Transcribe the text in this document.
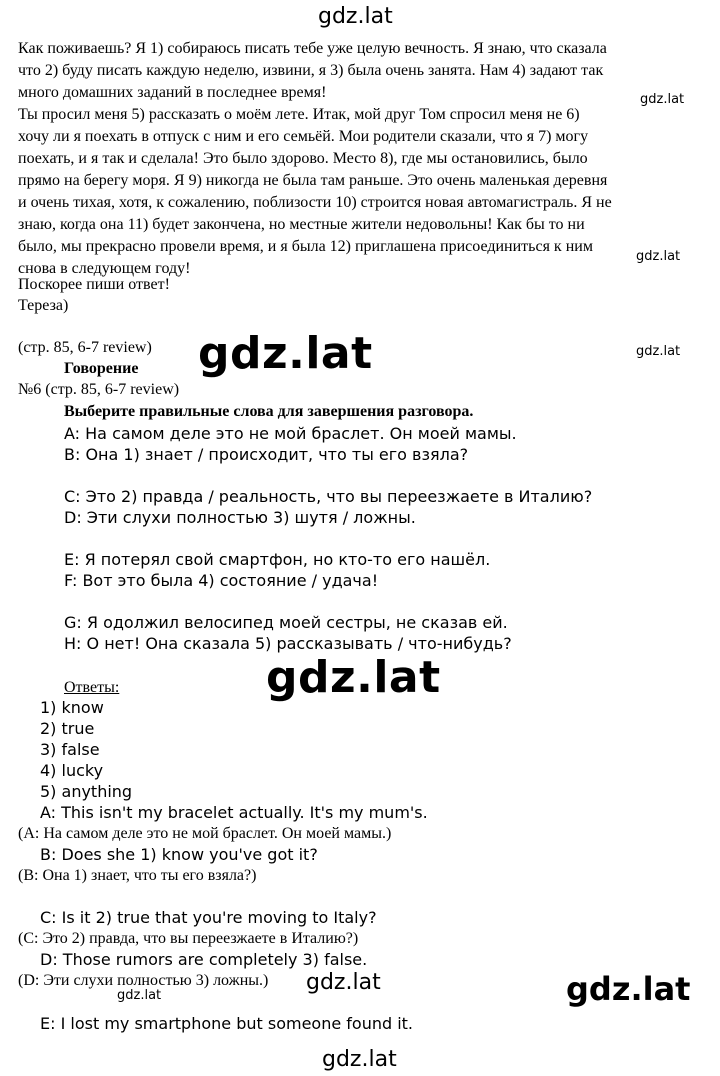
gdz.lat
Как поживаешь? Я 1) собираюсь писать тебе уже целую вечность. Я знаю, что сказала
что 2) буду писать каждую неделю, извини, я 3) была очень занята. Нам 4) задают так
много домашних заданий в последнее время!
Ты просил меня 5) рассказать о моём лете. Итак, мой друг Том спросил меня не 6)
хочу ли я поехать в отпуск с ним и его семьёй. Мои родители сказали, что я 7) могу
поехать, и я так и сделала! Это было здорово. Место 8), где мы остановились, было
прямо на берегу моря. Я 9) никогда не была там раньше. Это очень маленькая деревня
и очень тихая, хотя, к сожалению, поблизости 10) строится новая автомагистраль. Я не
знаю, когда она 11) будет закончена, но местные жители недовольны! Как бы то ни
было, мы прекрасно провели время, и я была 12) приглашена присоединиться к ним
снова в следующем году!
Поскорее пиши ответ!
Тереза)
gdz.lat
gdz.lat
gdz.lat
gdz.lat
(стр. 85, 6-7 review) gdz.lat
Говорение
№6 (стр. 85, 6-7 review)
Выберите правильные слова для завершения разговора.
A: На самом деле это не мой браслет. Он моей мамы.
B: Она 1) знает / происходит, что ты его взяла?
C: Это 2) правда / реальность, что вы переезжаете в Италию?
D: Эти слухи полностью 3) шутя / ложны.
E: Я потерял свой смартфон, но кто-то его нашёл.
F: Вот это была 4) состояние / удача!
G: Я одолжил велосипед моей сестры, не сказав ей.
H: О нет! Она сказала 5) рассказывать / что-нибудь?
gdz.lat
Ответы:
1) know
2) true
3) false
4) lucky
5) anything
A: This isn't my bracelet actually. It's my mum's.
(A: На самом деле это не мой браслет. Он моей мамы.)
B: Does she 1) know you've got it?
(B: Она 1) знает, что ты его взяла?)
C: Is it 2) true that you're moving to Italy?
(C: Это 2) правда, что вы переезжаете в Италию?)
D: Those rumors are completely 3) false.
(D: Эти слухи полностью 3) ложны.)
E: I lost my smartphone but someone found it.
gdz.lat	gdz.lat
gdz.lat
